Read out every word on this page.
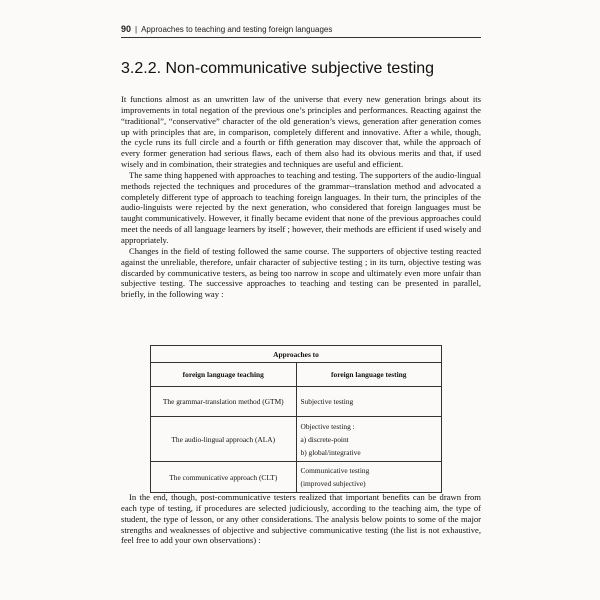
90 | Approaches to teaching and testing foreign languages
3.2.2. Non-communicative subjective testing

It functions almost as an unwritten law of the universe that every new generation brings about its improvements in total negation of the previous one’s principles and performances. Reacting against the “traditional”, “conservative” character of the old generation’s views, generation after generation comes up with principles that are, in comparison, completely different and innovative. After a while, though, the cycle runs its full circle and a fourth or fifth generation may discover that, while the approach of every former generation had serious flaws, each of them also had its obvious merits and that, if used wisely and in combination, their strategies and techniques are useful and efficient.

The same thing happened with approaches to teaching and testing. The supporters of the audio-lingual methods rejected the techniques and procedures of the grammar--translation method and advocated a completely different type of approach to teaching foreign languages. In their turn, the principles of the audio-linguists were rejected by the next generation, who considered that foreign languages must be taught communicatively. However, it finally became evident that none of the previous approaches could meet the needs of all language learners by itself ; however, their methods are efficient if used wisely and appropriately.

Changes in the field of testing followed the same course. The supporters of objective testing reacted against the unreliable, therefore, unfair character of subjective testing ; in its turn, objective testing was discarded by communicative testers, as being too narrow in scope and ultimately even more unfair than subjective testing. The successive approaches to teaching and testing can be presented in parallel, briefly, in the following way :

Approaches to	
foreign language teaching	foreign language testing
The grammar-translation method (GTM)	Subjective testing

The audio-lingual approach (ALA)	Objective testing :
a) discrete-point
b) global/integrative

The communicative approach (CLT)	Communicative testing
(improved subjective)

In the end, though, post-communicative testers realized that important benefits can be drawn from each type of testing, if procedures are selected judiciously, according to the teaching aim, the type of student, the type of lesson, or any other considerations. The analysis below points to some of the major strengths and weaknesses of objective and subjective communicative testing (the list is not exhaustive, feel free to add your own observations) :
